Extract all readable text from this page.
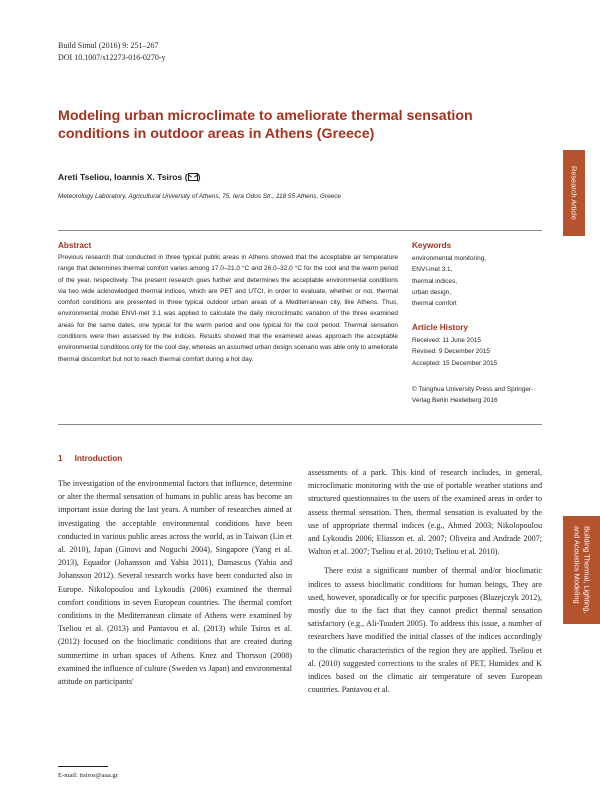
Build Simul (2016) 9: 251–267
DOI 10.1007/s12273-016-0270-y
Modeling urban microclimate to ameliorate thermal sensation conditions in outdoor areas in Athens (Greece)
Areti Tseliou, Ioannis X. Tsiros ( )
Meteorology Laboratory, Agricultural University of Athens, 75, Iera Odos Str., 118 55 Athens, Greece
Abstract
Previous research that conducted in three typical public areas in Athens showed that the acceptable air temperature range that determines thermal comfort varies among 17.0–21.0 °C and 26.0–32.0 °C for the cool and the warm period of the year, respectively. The present research goes further and determines the acceptable environmental conditions via two wide acknowledged thermal indices, which are PET and UTCI, in order to evaluate, whether or not, thermal comfort conditions are presented in three typical outdoor urban areas of a Mediterranean city, like Athens. Thus, environmental model ENVI-met 3.1 was applied to calculate the daily microclimatic variation of the three examined areas for the same dates, one typical for the warm period and one typical for the cool period. Thermal sensation conditions were then assessed by the indices. Results showed that the examined areas approach the acceptable environmental conditions only for the cool day, whereas an assumed urban design scenario was able only to ameliorate thermal discomfort but not to reach thermal comfort during a hot day.
Keywords
environmental monitoring,
ENVI-met 3.1,
thermal indices,
urban design,
thermal comfort
Article History
Received: 11 June 2015
Revised: 9 December 2015
Accepted: 15 December 2015
© Tsinghua University Press and Springer-Verlag Berlin Heidelberg 2016
1 Introduction

The investigation of the environmental factors that influence, determine or alter the thermal sensation of humans in public areas has become an important issue during the last years. A number of researches aimed at investigating the acceptable environmental conditions have been conducted in various public areas across the world, as in Taiwan (Lin et al. 2010), Japan (Ginovi and Noguchi 2004), Singapore (Yang et al. 2013), Equador (Johansson and Yahia 2011), Damascus (Yahia and Johansson 2012). Several research works have been conducted also in Europe. Nikolopoulou and Lykoudis (2006) examined the thermal comfort conditions in seven European countries. The thermal comfort conditions in the Mediterranean climate of Athens were examined by Tseliou et al. (2013) and Pantavou et al. (2013) while Tsiros et al. (2012) focused on the bioclimatic conditions that are created during summertime in urban spaces of Athens. Knez and Thorsson (2008) examined the influence of culture (Sweden vs Japan) and environmental attitude on participants'

assessments of a park. This kind of research includes, in general, microclimatic monitoring with the use of portable weather stations and structured questionnaires to the users of the examined areas in order to assess thermal sensation. Then, thermal sensation is evaluated by the use of appropriate thermal indices (e.g., Ahmed 2003; Nikolopoulou and Lykoudis 2006; Eliasson et. al. 2007; Oliveira and Andrade 2007; Walton et al. 2007; Tseliou et al. 2010; Tseliou et al. 2010).

There exist a significant number of thermal and/or bioclimatic indices to assess bioclimatic conditions for human beings, They are used, however, sporadically or for specific purposes (Blazejczyk 2012), mostly due to the fact that they cannot predict thermal sensation satisfactory (e.g., Ali-Toudert 2005). To address this issue, a number of researchers have modified the initial classes of the indices accordingly to the climatic characteristics of the region they are applied. Tseliou et al. (2010) suggested corrections to the scales of PET, Humidex and K indices based on the climatic air temperature of seven European countries. Pantavou et al.

E-mail: itsiros@aua.gr
Research Article
Building Thermal, Lighting,
and Acoustics Modeling
